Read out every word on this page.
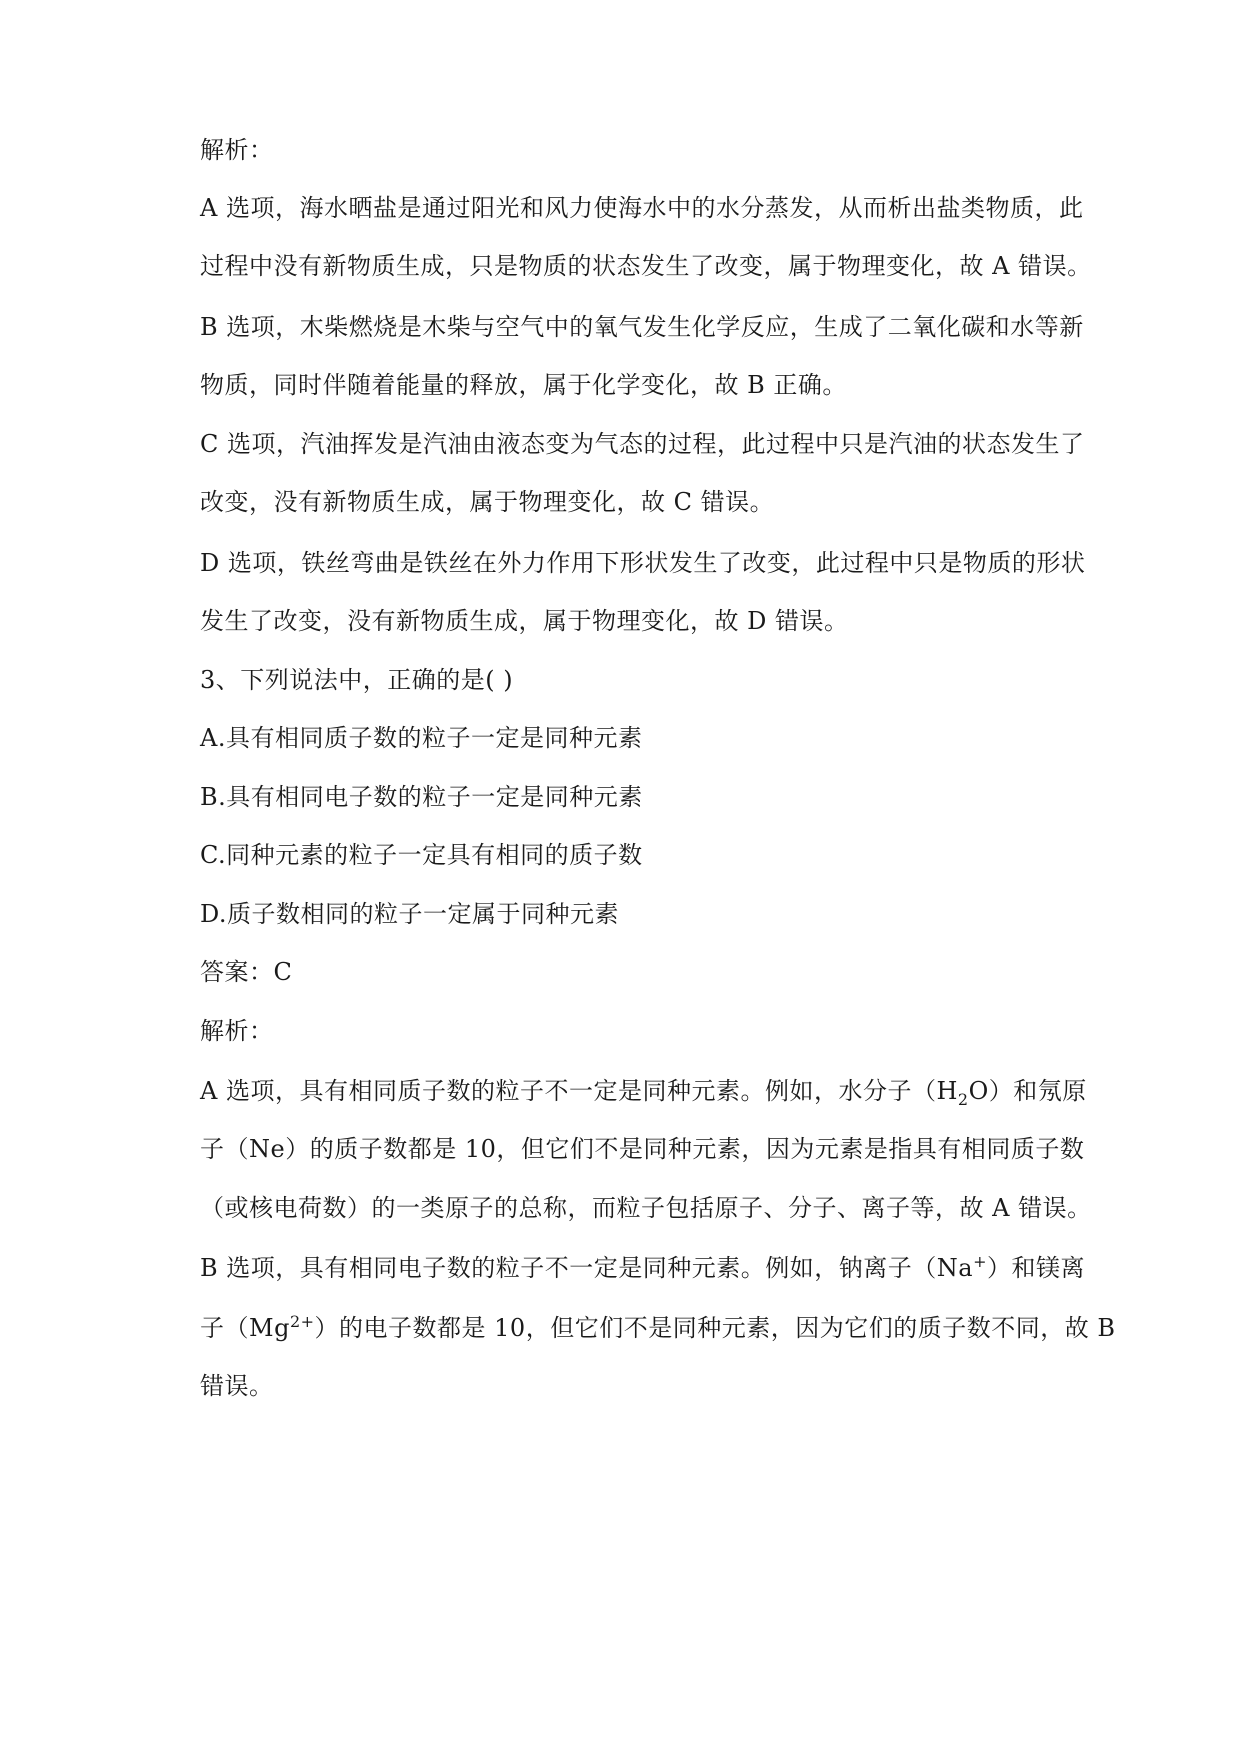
解析：
A 选项，海水晒盐是通过阳光和风力使海水中的水分蒸发，从而析出盐类物质，此
过程中没有新物质生成，只是物质的状态发生了改变，属于物理变化，故 A 错误。
B 选项，木柴燃烧是木柴与空气中的氧气发生化学反应，生成了二氧化碳和水等新
物质，同时伴随着能量的释放，属于化学变化，故 B 正确。
C 选项，汽油挥发是汽油由液态变为气态的过程，此过程中只是汽油的状态发生了
改变，没有新物质生成，属于物理变化，故 C 错误。
D 选项，铁丝弯曲是铁丝在外力作用下形状发生了改变，此过程中只是物质的形状
发生了改变，没有新物质生成，属于物理变化，故 D 错误。
3、下列说法中，正确的是( )
A.具有相同质子数的粒子一定是同种元素
B.具有相同电子数的粒子一定是同种元素
C.同种元素的粒子一定具有相同的质子数
D.质子数相同的粒子一定属于同种元素
答案：C
解析：
A 选项，具有相同质子数的粒子不一定是同种元素。例如，水分子$(H_2O)$和氖原
子（Ne）的质子数都是 10，但它们不是同种元素，因为元素是指具有相同质子数
（或核电荷数）的一类原子的总称，而粒子包括原子、分子、离子等，故 A 错误。
B 选项，具有相同电子数的粒子不一定是同种元素。例如，钠离子（Na+）和镁离
子$(Mg^{2+})$的电子数都是 10，但它们不是同种元素，因为它们的质子数不同，故 B
错误。
